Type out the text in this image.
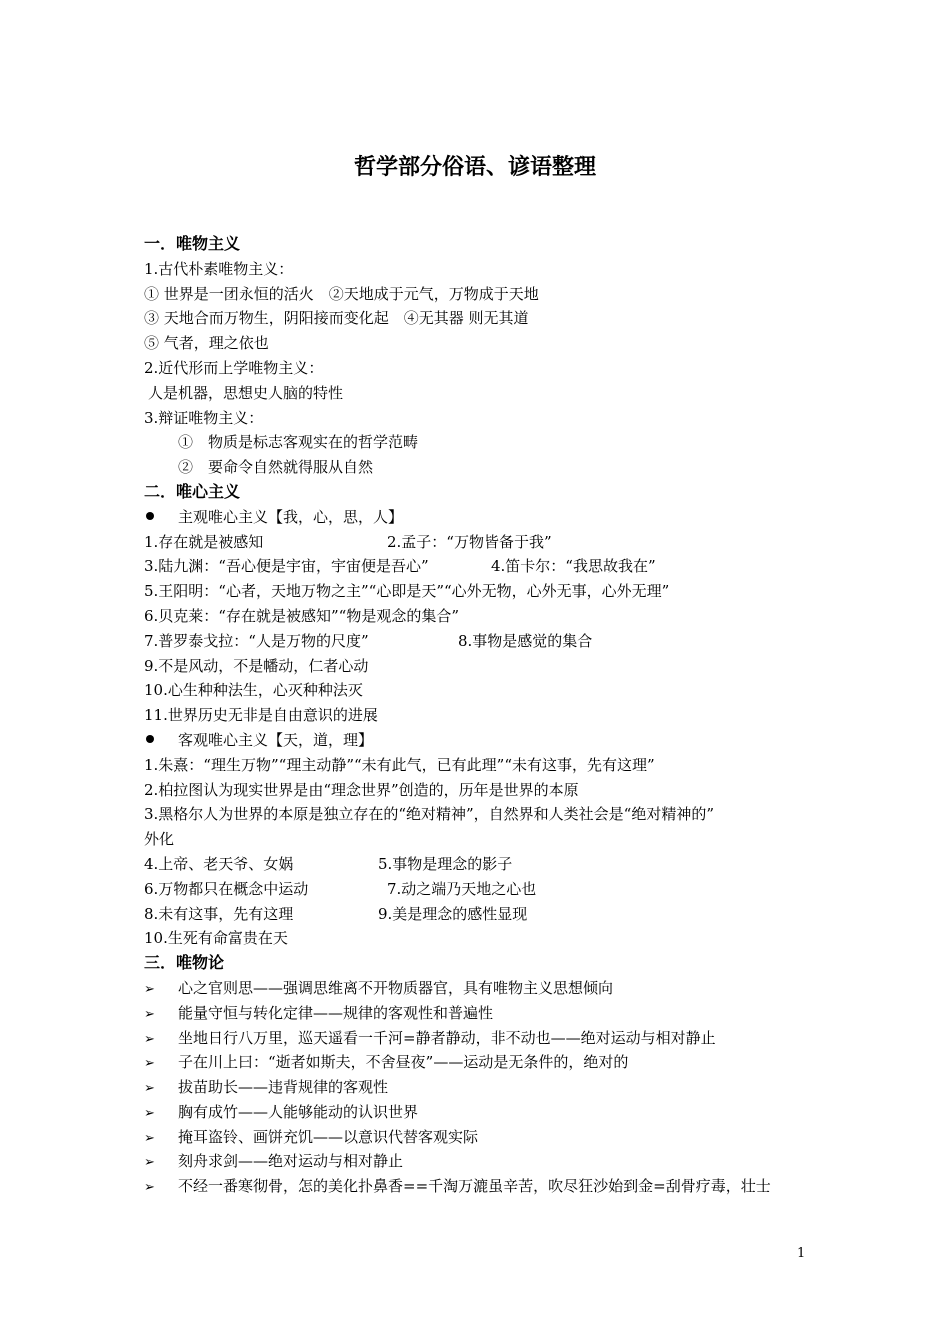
哲学部分俗语、谚语整理
一．唯物主义
1.古代朴素唯物主义：
① 世界是一团永恒的活火　②天地成于元气，万物成于天地
③ 天地合而万物生，阴阳接而变化起　④无其器 则无其道
⑤ 气者，理之依也
2.近代形而上学唯物主义：
人是机器，思想史人脑的特性
3.辩证唯物主义：
①　物质是标志客观实在的哲学范畴
②　要命令自然就得服从自然
二．唯心主义
主观唯心主义【我，心，思，人】
1.存在就是被感知	2.孟子：“万物皆备于我”
3.陆九渊：“吾心便是宇宙，宇宙便是吾心”	4.笛卡尔：“我思故我在”
5.王阳明：“心者，天地万物之主”“心即是天”“心外无物，心外无事，心外无理”
6.贝克莱：“存在就是被感知”“物是观念的集合”
7.普罗泰戈拉：“人是万物的尺度”	8.事物是感觉的集合
9.不是风动，不是幡动，仁者心动
10.心生种种法生，心灭种种法灭
11.世界历史无非是自由意识的进展
客观唯心主义【天，道，理】
1.朱熹：“理生万物”“理主动静”“未有此气，已有此理”“未有这事，先有这理”
2.柏拉图认为现实世界是由“理念世界”创造的，历年是世界的本原
3.黑格尔人为世界的本原是独立存在的“绝对精神”，自然界和人类社会是“绝对精神的”
外化
4.上帝、老天爷、女娲	5.事物是理念的影子
6.万物都只在概念中运动	7.动之端乃天地之心也
8.未有这事，先有这理	9.美是理念的感性显现
10.生死有命富贵在天
三．唯物论
➢ 心之官则思——强调思维离不开物质器官，具有唯物主义思想倾向
➢ 能量守恒与转化定律——规律的客观性和普遍性
➢ 坐地日行八万里，巡天遥看一千河=静者静动，非不动也——绝对运动与相对静止
➢ 子在川上曰：“逝者如斯夫，不舍昼夜”——运动是无条件的，绝对的
➢ 拔苗助长——违背规律的客观性
➢ 胸有成竹——人能够能动的认识世界
➢ 掩耳盗铃、画饼充饥——以意识代替客观实际
➢ 刻舟求剑——绝对运动与相对静止
➢ 不经一番寒彻骨，怎的美化扑鼻香==千淘万漉虽辛苦，吹尽狂沙始到金=刮骨疗毒，壮士
1
